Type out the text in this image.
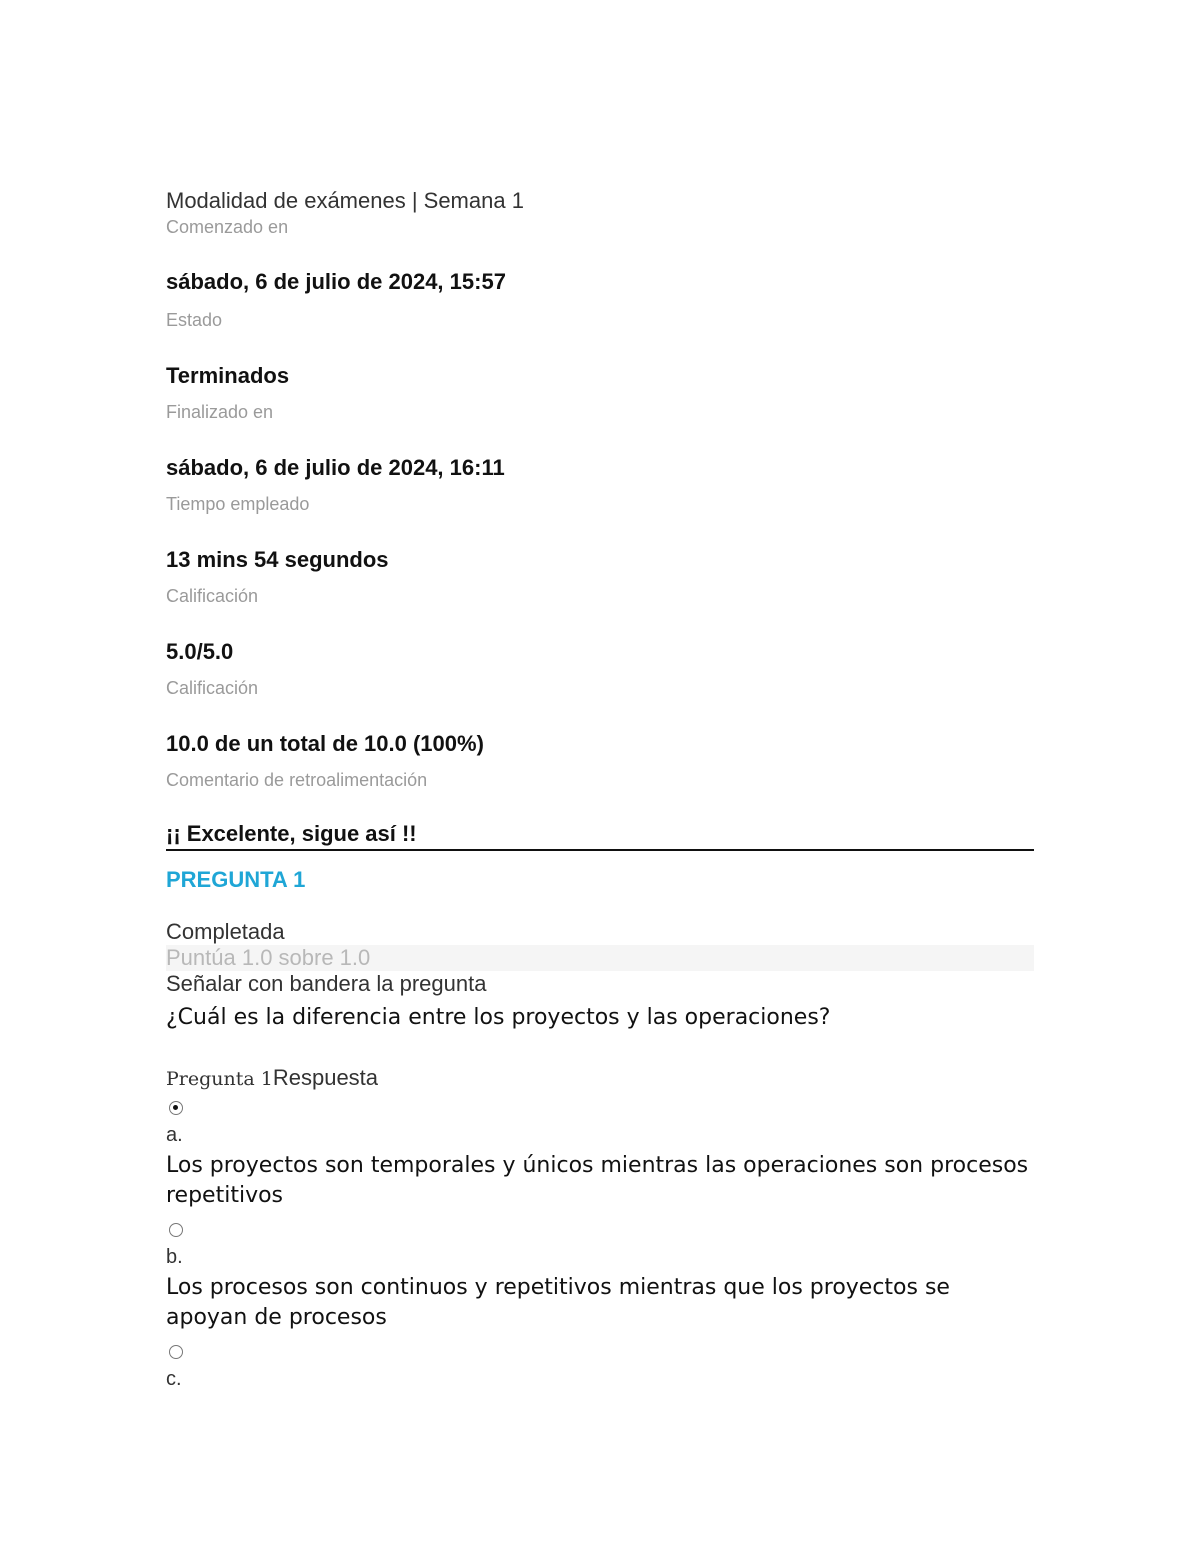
Modalidad de exámenes | Semana 1
Comenzado en
sábado, 6 de julio de 2024, 15:57
Estado
Terminados
Finalizado en
sábado, 6 de julio de 2024, 16:11
Tiempo empleado
13 mins 54 segundos
Calificación
5.0/5.0
Calificación
10.0 de un total de 10.0 (100%)
Comentario de retroalimentación
¡¡ Excelente, sigue así !!
PREGUNTA 1
Completada
Puntúa 1.0 sobre 1.0
Señalar con bandera la pregunta
¿Cuál es la diferencia entre los proyectos y las operaciones?
Pregunta 1Respuesta
a.
Los proyectos son temporales y únicos mientras las operaciones son procesos repetitivos
b.
Los procesos son continuos y repetitivos mientras que los proyectos se apoyan de procesos
c.
